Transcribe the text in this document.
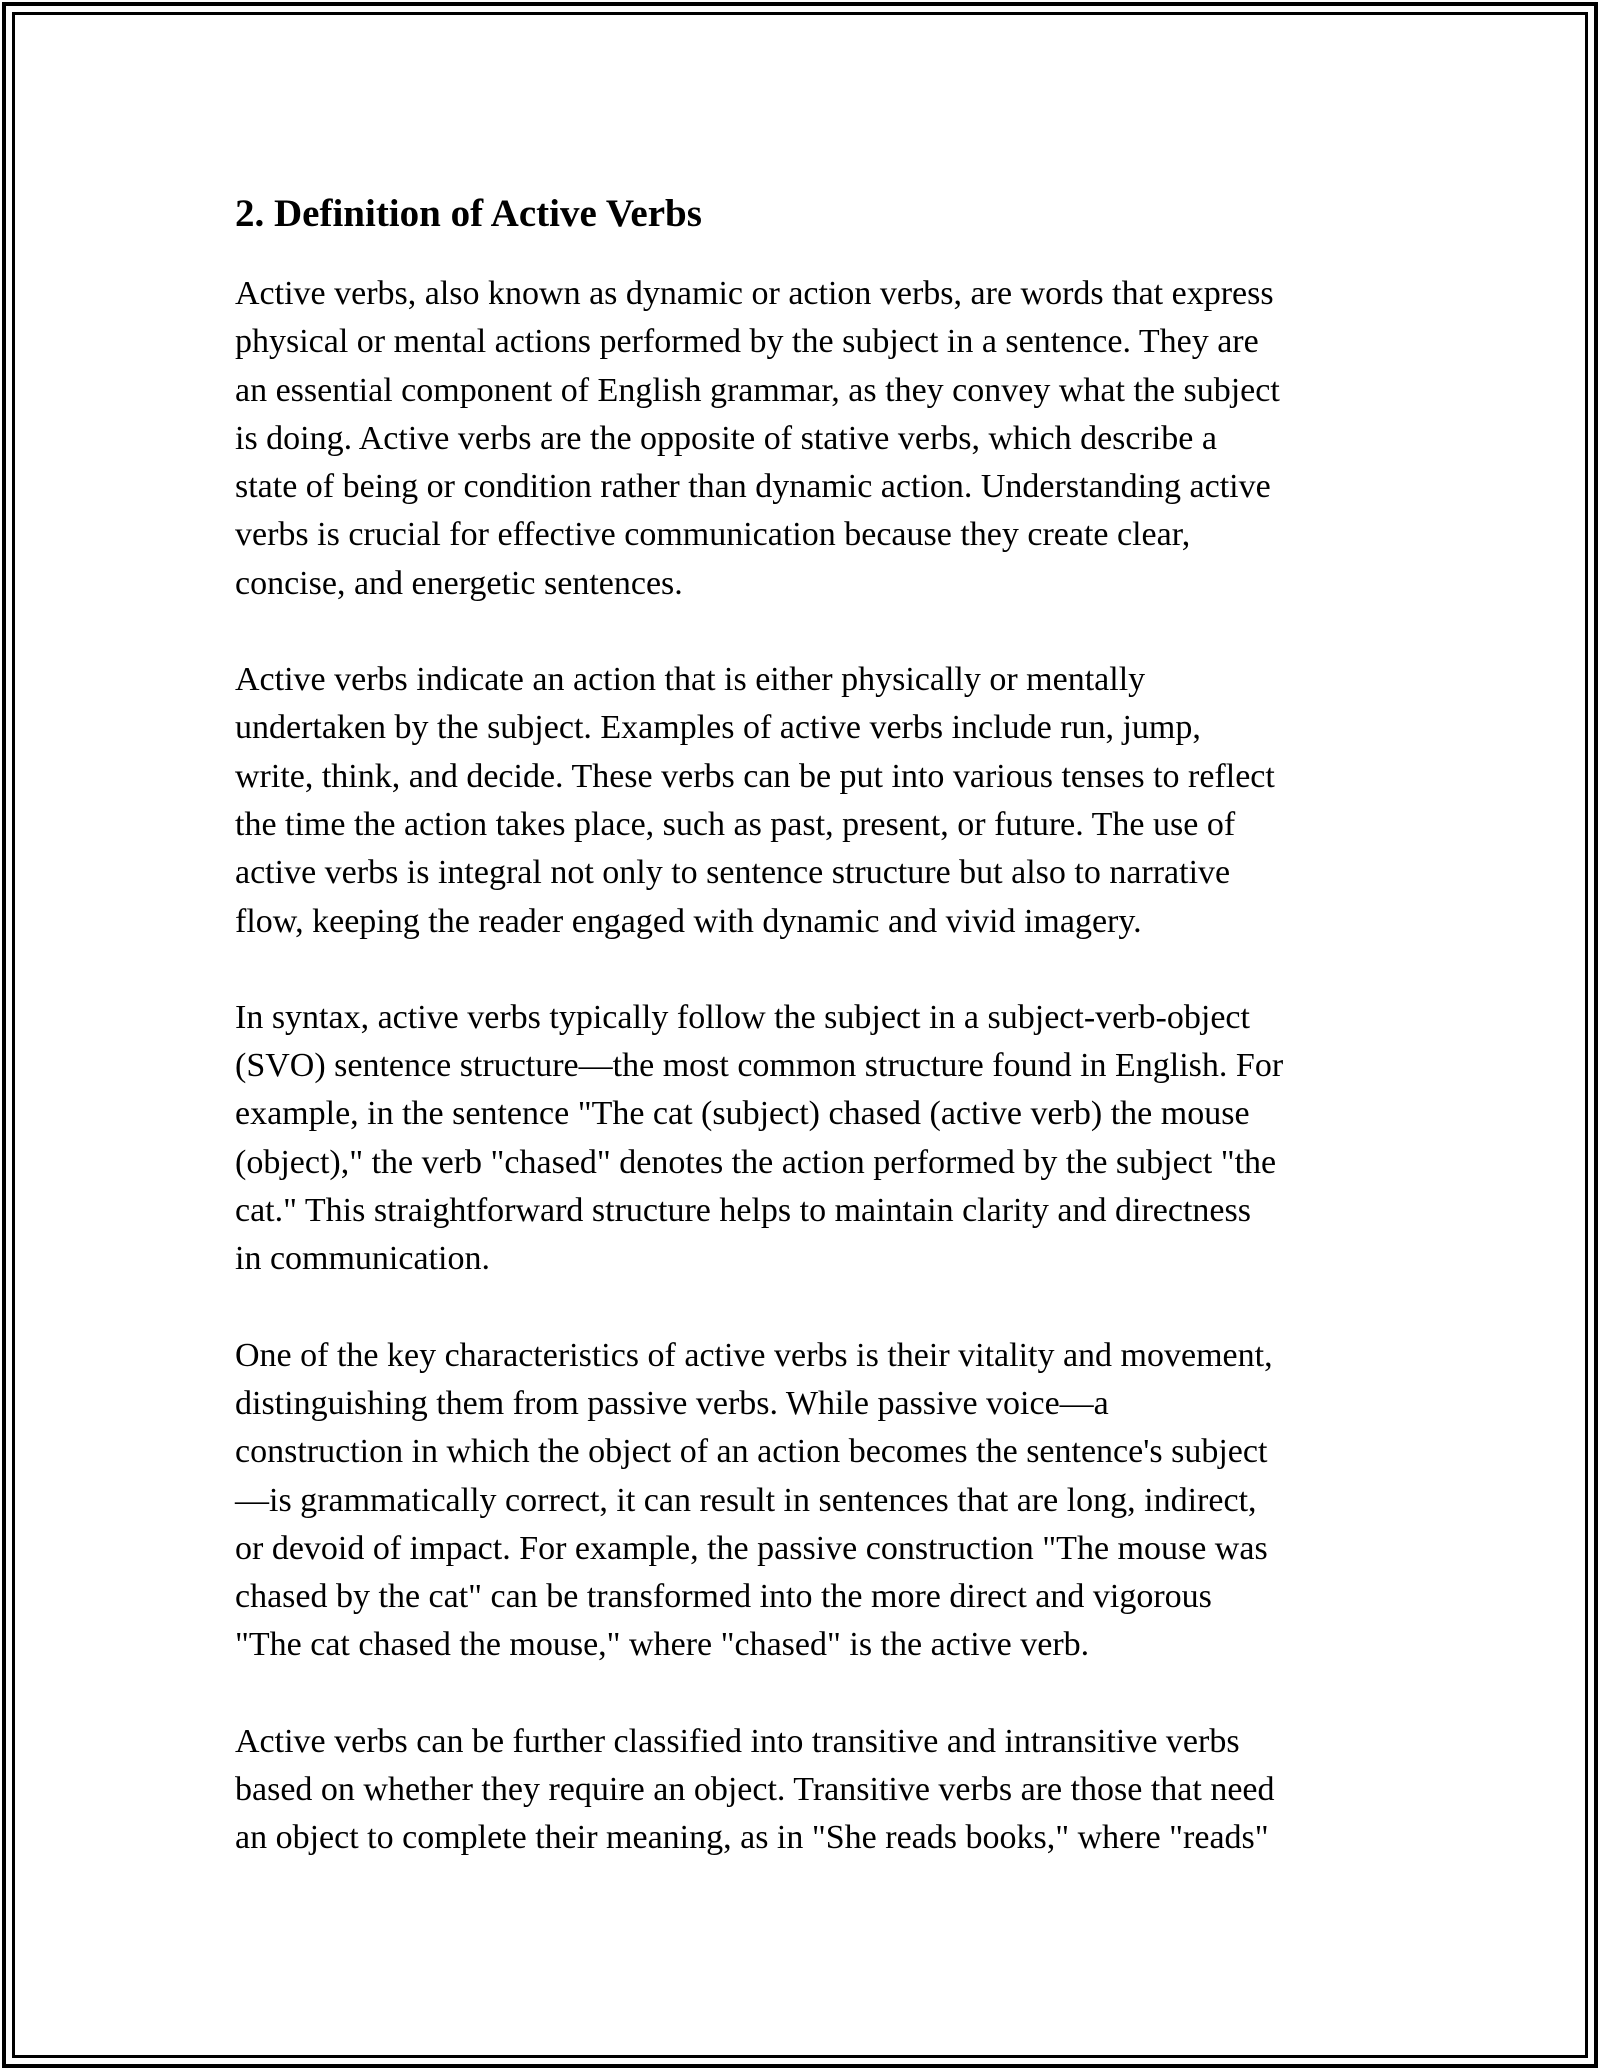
2. Definition of Active Verbs

Active verbs, also known as dynamic or action verbs, are words that express
physical or mental actions performed by the subject in a sentence. They are
an essential component of English grammar, as they convey what the subject
is doing. Active verbs are the opposite of stative verbs, which describe a
state of being or condition rather than dynamic action. Understanding active
verbs is crucial for effective communication because they create clear,
concise, and energetic sentences.

Active verbs indicate an action that is either physically or mentally
undertaken by the subject. Examples of active verbs include run, jump,
write, think, and decide. These verbs can be put into various tenses to reflect
the time the action takes place, such as past, present, or future. The use of
active verbs is integral not only to sentence structure but also to narrative
flow, keeping the reader engaged with dynamic and vivid imagery.

In syntax, active verbs typically follow the subject in a subject-verb-object
(SVO) sentence structure—the most common structure found in English. For
example, in the sentence "The cat (subject) chased (active verb) the mouse
(object)," the verb "chased" denotes the action performed by the subject "the
cat." This straightforward structure helps to maintain clarity and directness
in communication.

One of the key characteristics of active verbs is their vitality and movement,
distinguishing them from passive verbs. While passive voice—a
construction in which the object of an action becomes the sentence's subject
—is grammatically correct, it can result in sentences that are long, indirect,
or devoid of impact. For example, the passive construction "The mouse was
chased by the cat" can be transformed into the more direct and vigorous
"The cat chased the mouse," where "chased" is the active verb.

Active verbs can be further classified into transitive and intransitive verbs
based on whether they require an object. Transitive verbs are those that need
an object to complete their meaning, as in "She reads books," where "reads"
